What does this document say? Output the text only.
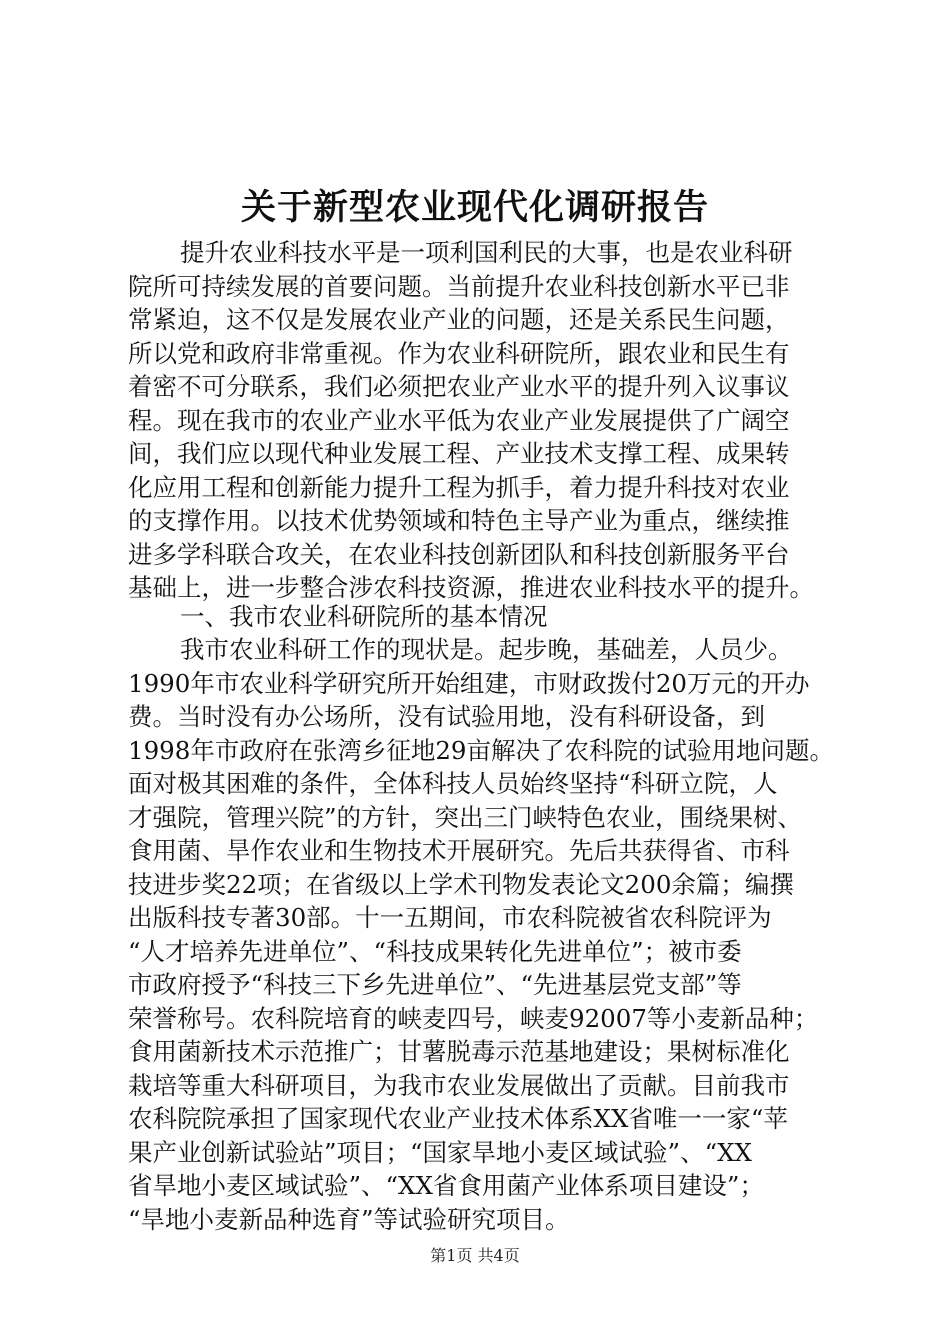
关于新型农业现代化调研报告
提升农业科技水平是一项利国利民的大事，也是农业科研
院所可持续发展的首要问题。当前提升农业科技创新水平已非
常紧迫，这不仅是发展农业产业的问题，还是关系民生问题，
所以党和政府非常重视。作为农业科研院所，跟农业和民生有
着密不可分联系，我们必须把农业产业水平的提升列入议事议
程。现在我市的农业产业水平低为农业产业发展提供了广阔空
间，我们应以现代种业发展工程、产业技术支撑工程、成果转
化应用工程和创新能力提升工程为抓手，着力提升科技对农业
的支撑作用。以技术优势领域和特色主导产业为重点，继续推
进多学科联合攻关，在农业科技创新团队和科技创新服务平台
基础上，进一步整合涉农科技资源，推进农业科技水平的提升。
一、我市农业科研院所的基本情况
我市农业科研工作的现状是。起步晚，基础差，人员少。
1990年市农业科学研究所开始组建，市财政拨付20万元的开办
费。当时没有办公场所，没有试验用地，没有科研设备，到
1998年市政府在张湾乡征地29亩解决了农科院的试验用地问题。
面对极其困难的条件，全体科技人员始终坚持“科研立院，人
才强院，管理兴院”的方针，突出三门峡特色农业，围绕果树、
食用菌、旱作农业和生物技术开展研究。先后共获得省、市科
技进步奖22项；在省级以上学术刊物发表论文200余篇；编撰
出版科技专著30部。十一五期间，市农科院被省农科院评为
“人才培养先进单位”、“科技成果转化先进单位”；被市委
市政府授予“科技三下乡先进单位”、“先进基层党支部”等
荣誉称号。农科院培育的峡麦四号，峡麦92007等小麦新品种；
食用菌新技术示范推广；甘薯脱毒示范基地建设；果树标准化
栽培等重大科研项目，为我市农业发展做出了贡献。目前我市
农科院院承担了国家现代农业产业技术体系XX省唯一一家“苹
果产业创新试验站”项目；“国家旱地小麦区域试验”、“XX
省旱地小麦区域试验”、“XX省食用菌产业体系项目建设”；
“旱地小麦新品种选育”等试验研究项目。
第1页 共4页
